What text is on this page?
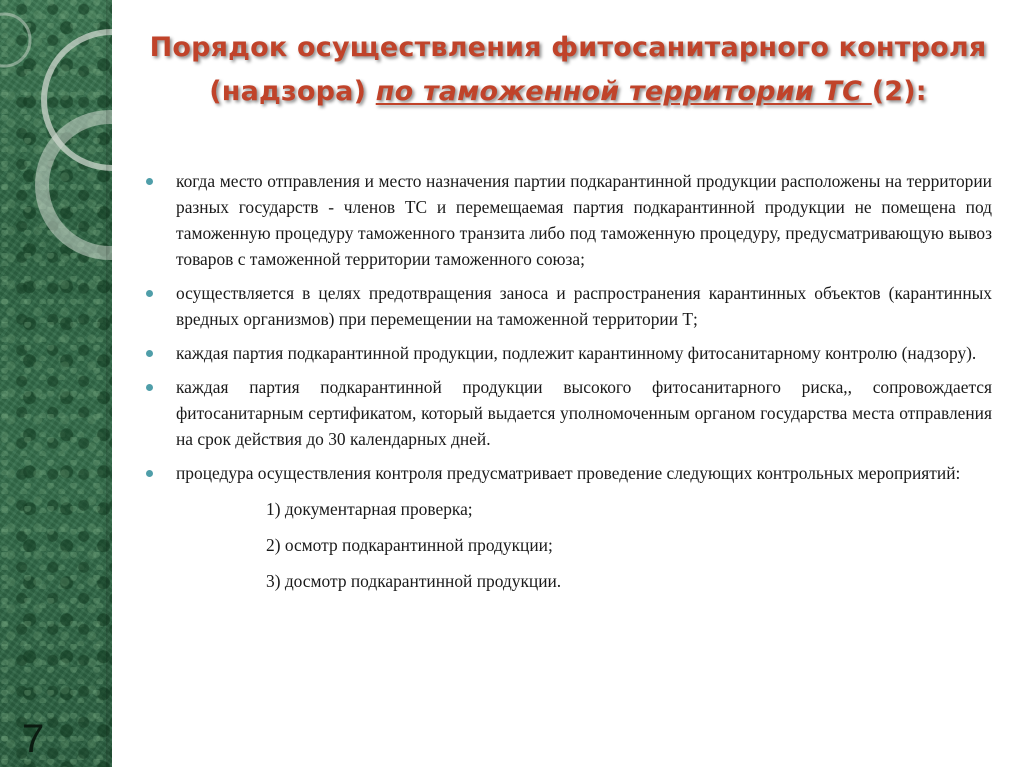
7
Порядок осуществления фитосанитарного контроля
(надзора) по таможенной территории ТС (2):
когда место отправления и место назначения партии подкарантинной продукции расположены на территории разных государств - членов ТС и перемещаемая партия подкарантинной продукции не помещена под таможенную процедуру таможенного транзита либо под таможенную процедуру, предусматривающую вывоз товаров с таможенной территории таможенного союза;
осуществляется в целях предотвращения заноса и распространения карантинных объектов (карантинных вредных организмов) при перемещении на таможенной территории Т;
каждая партия подкарантинной продукции, подлежит карантинному фитосанитарному контролю (надзору).
каждая партия подкарантинной продукции высокого фитосанитарного риска,, сопровождается фитосанитарным сертификатом, который выдается уполномоченным органом государства места отправления на срок действия до 30 календарных дней.
процедура осуществления контроля предусматривает проведение следующих контрольных мероприятий:
1) документарная проверка;
2) осмотр подкарантинной продукции;
3) досмотр подкарантинной продукции.
